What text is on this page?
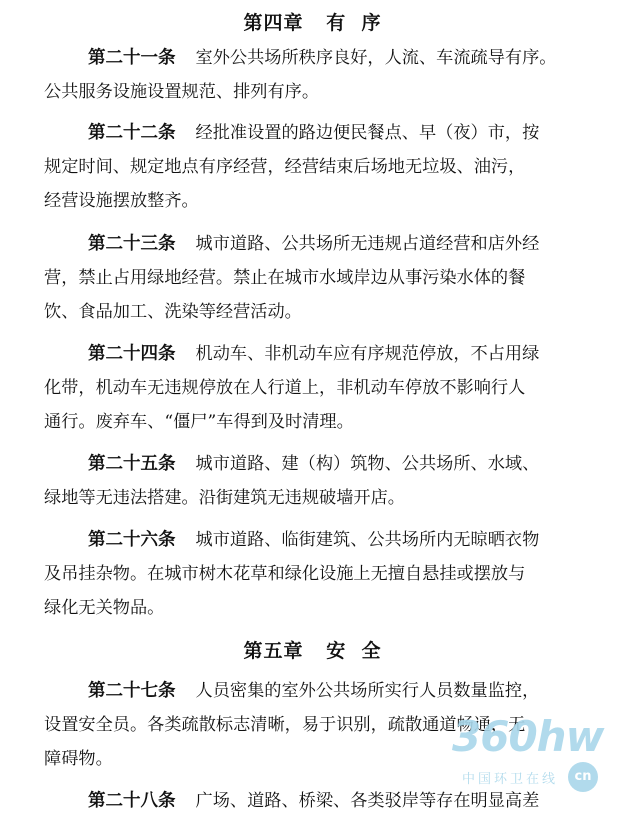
第四章   有  序
第二十一条 室外公共场所秩序良好，人流、车流疏导有序。
公共服务设施设置规范、排列有序。
第二十二条 经批准设置的路边便民餐点、早（夜）市，按
规定时间、规定地点有序经营，经营结束后场地无垃圾、油污，
经营设施摆放整齐。
第二十三条 城市道路、公共场所无违规占道经营和店外经
营，禁止占用绿地经营。禁止在城市水域岸边从事污染水体的餐
饮、食品加工、洗染等经营活动。
第二十四条 机动车、非机动车应有序规范停放，不占用绿
化带，机动车无违规停放在人行道上，非机动车停放不影响行人
通行。废弃车、“僵尸”车得到及时清理。
第二十五条 城市道路、建（构）筑物、公共场所、水域、
绿地等无违法搭建。沿街建筑无违规破墙开店。
第二十六条 城市道路、临街建筑、公共场所内无晾晒衣物
及吊挂杂物。在城市树木花草和绿化设施上无擅自悬挂或摆放与
绿化无关物品。
第五章   安  全
第二十七条 人员密集的室外公共场所实行人员数量监控，
设置安全员。各类疏散标志清晰，易于识别，疏散通道畅通，无
障碍物。
第二十八条 广场、道路、桥梁、各类驳岸等存在明显高差
360hw
中国环卫在线	cn
